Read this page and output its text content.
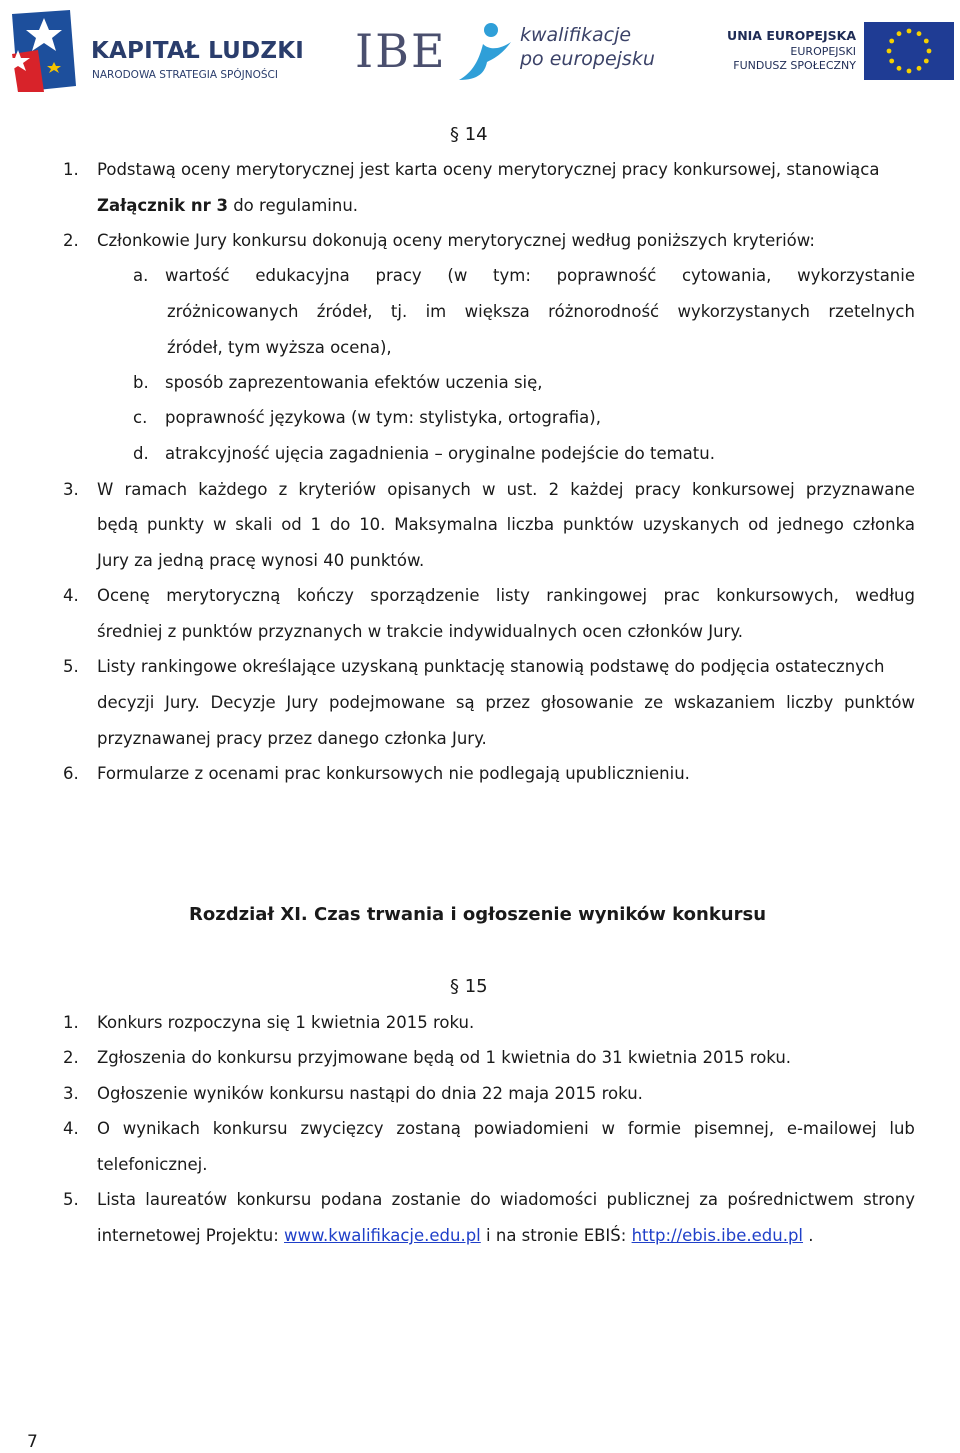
KAPITAŁ LUDZKI
NARODOWA STRATEGIA SPÓJNOŚCI IBE	kwalifikacje
po europejsku
UNIA EUROPEJSKA
EUROPEJSKI
FUNDUSZ SPOŁECZNY
§ 14
1. Podstawą oceny merytorycznej jest karta oceny merytorycznej pracy konkursowej, stanowiąca
Załącznik nr 3 do regulaminu.
2. Członkowie Jury konkursu dokonują oceny merytorycznej według poniższych kryteriów:
a. wartość edukacyjna pracy (w tym: poprawność cytowania, wykorzystanie
zróżnicowanych źródeł, tj. im większa różnorodność wykorzystanych rzetelnych
źródeł, tym wyższa ocena),
b. sposób zaprezentowania efektów uczenia się,
c. poprawność językowa (w tym: stylistyka, ortografia),
d. atrakcyjność ujęcia zagadnienia – oryginalne podejście do tematu.
3. W ramach każdego z kryteriów opisanych w ust. 2 każdej pracy konkursowej przyznawane
będą punkty w skali od 1 do 10. Maksymalna liczba punktów uzyskanych od jednego członka
Jury za jedną pracę wynosi 40 punktów.
4. Ocenę merytoryczną kończy sporządzenie listy rankingowej prac konkursowych, według
średniej z punktów przyznanych w trakcie indywidualnych ocen członków Jury.
5. Listy rankingowe określające uzyskaną punktację stanowią podstawę do podjęcia ostatecznych
decyzji Jury. Decyzje Jury podejmowane są przez głosowanie ze wskazaniem liczby punktów
przyznawanej pracy przez danego członka Jury.
6. Formularze z ocenami prac konkursowych nie podlegają upublicznieniu.
Rozdział XI. Czas trwania i ogłoszenie wyników konkursu
§ 15
1. Konkurs rozpoczyna się 1 kwietnia 2015 roku.
2. Zgłoszenia do konkursu przyjmowane będą od 1 kwietnia do 31 kwietnia 2015 roku.
3. Ogłoszenie wyników konkursu nastąpi do dnia 22 maja 2015 roku.
4. O wynikach konkursu zwycięzcy zostaną powiadomieni w formie pisemnej, e-mailowej lub
telefonicznej.
5. Lista laureatów konkursu podana zostanie do wiadomości publicznej za pośrednictwem strony
internetowej Projektu: www.kwalifikacje.edu.pl i na stronie EBIŚ: http://ebis.ibe.edu.pl .
7
